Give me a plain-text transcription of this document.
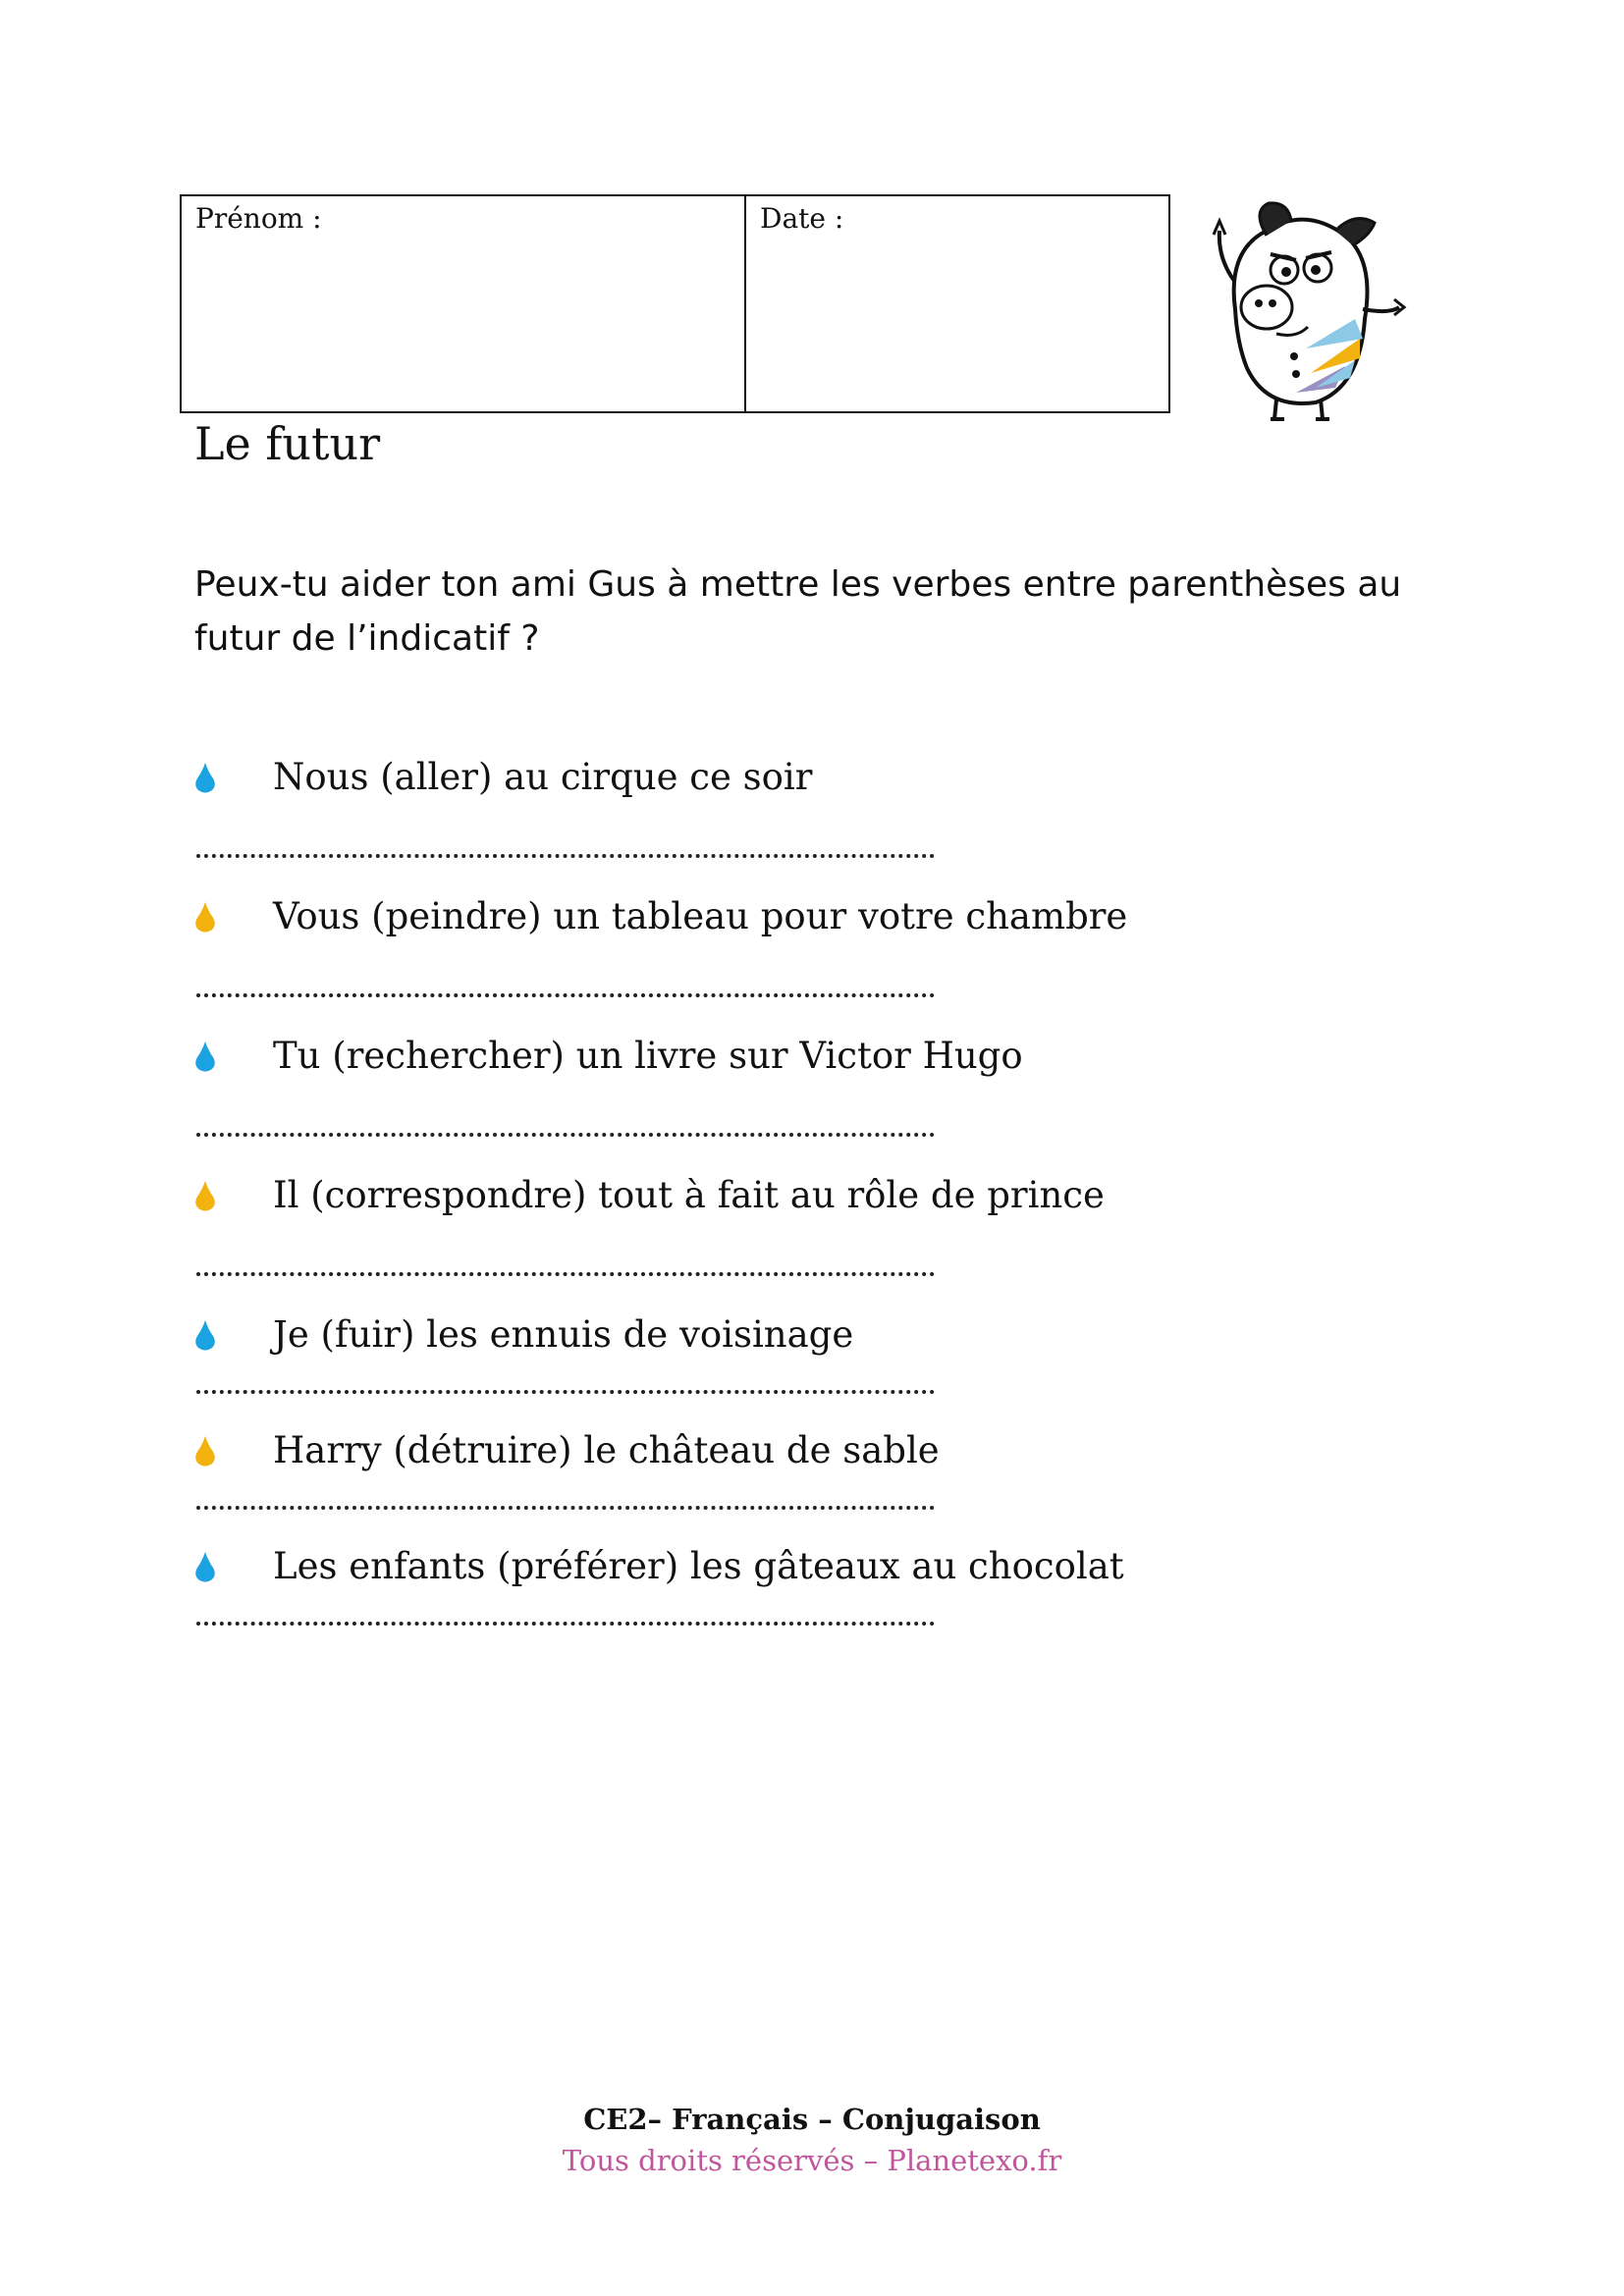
Prénom :	Date :
Le futur

Peux-tu aider ton ami Gus à mettre les verbes entre parenthèses au futur de l’indicatif ?

Nous (aller) au cirque ce soir
Vous (peindre) un tableau pour votre chambre
Tu (rechercher) un livre sur Victor Hugo
Il (correspondre) tout à fait au rôle de prince
Je (fuir) les ennuis de voisinage
Harry (détruire) le château de sable
Les enfants (préférer) les gâteaux au chocolat
CE2– Français – Conjugaison
Tous droits réservés – Planetexo.fr
